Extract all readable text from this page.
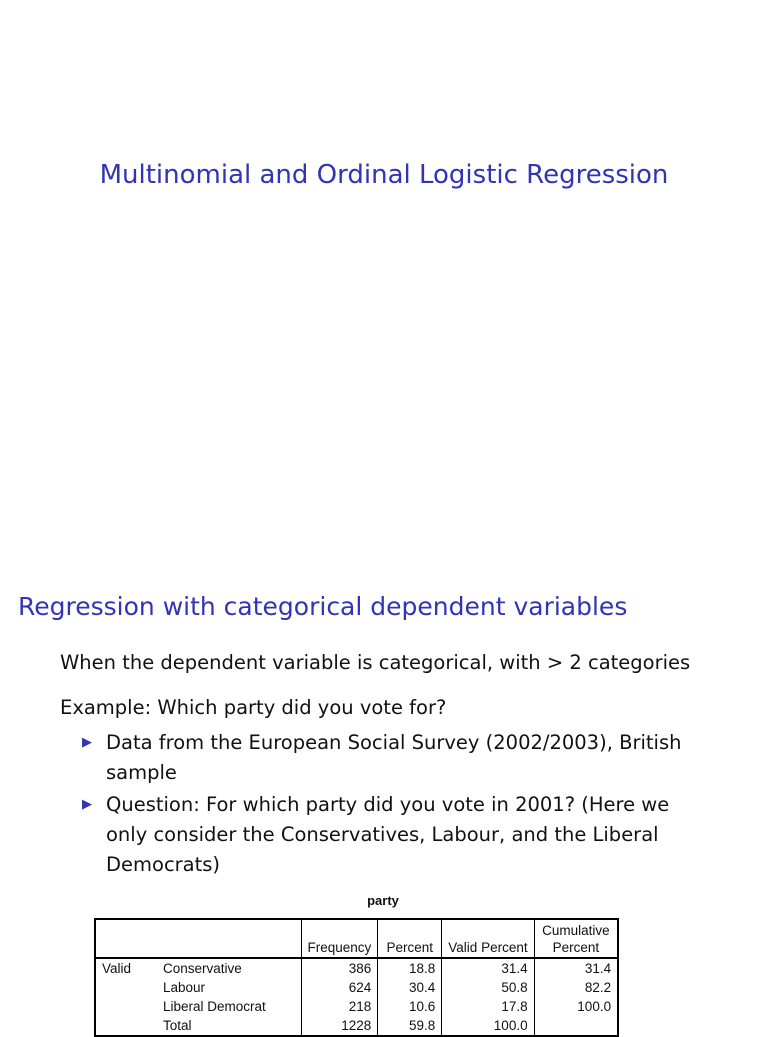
Multinomial and Ordinal Logistic Regression
Regression with categorical dependent variables
When the dependent variable is categorical, with > 2 categories
Example: Which party did you vote for?
▶ Data from the European Social Survey (2002/2003), British sample
▶ Question: For which party did you vote in 2001? (Here we only consider the Conservatives, Labour, and the Liberal Democrats)
party
		Frequency	Percent	Valid Percent	Cumulative Percent
Valid	Conservative	386	18.8	31.4	31.4
	Labour	624	30.4	50.8	82.2
	Liberal Democrat	218	10.6	17.8	100.0
	Total	1228	59.8	100.0	
